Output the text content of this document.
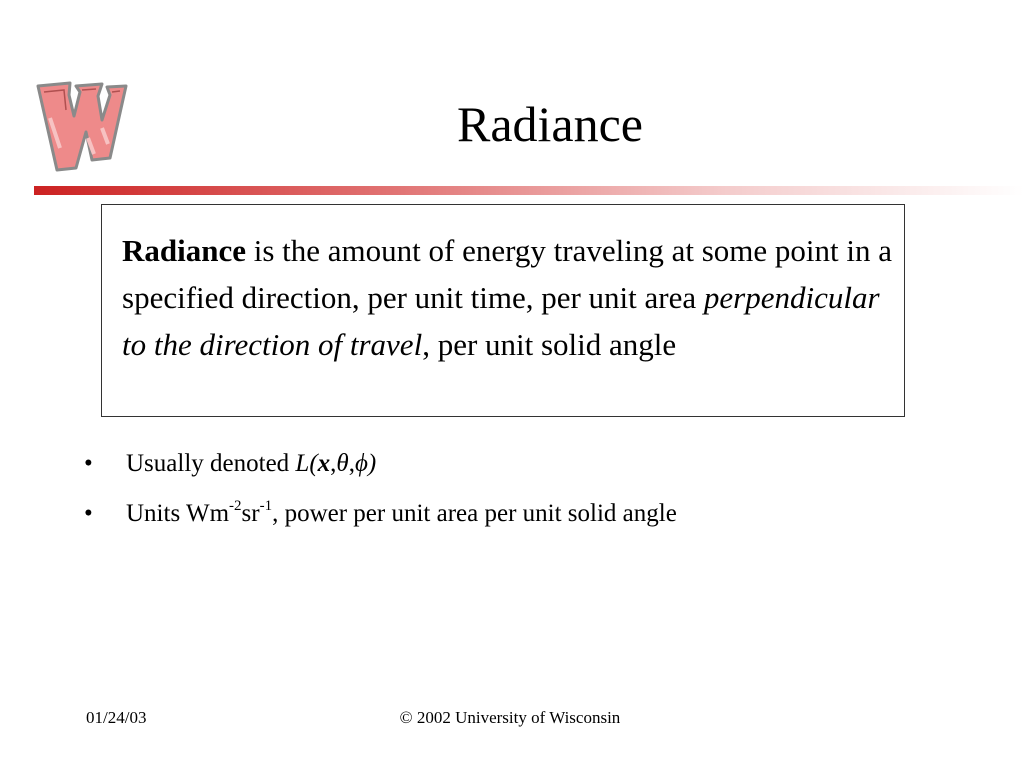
Radiance
Radiance is the amount of energy traveling at some point in a specified direction, per unit time, per unit area perpendicular to the direction of travel, per unit solid angle
• Usually denoted L(x,θ,ϕ)
• Units $Wm^{-2}sr^{-1}$, power per unit area per unit solid angle
01/24/03	© 2002 University of Wisconsin
